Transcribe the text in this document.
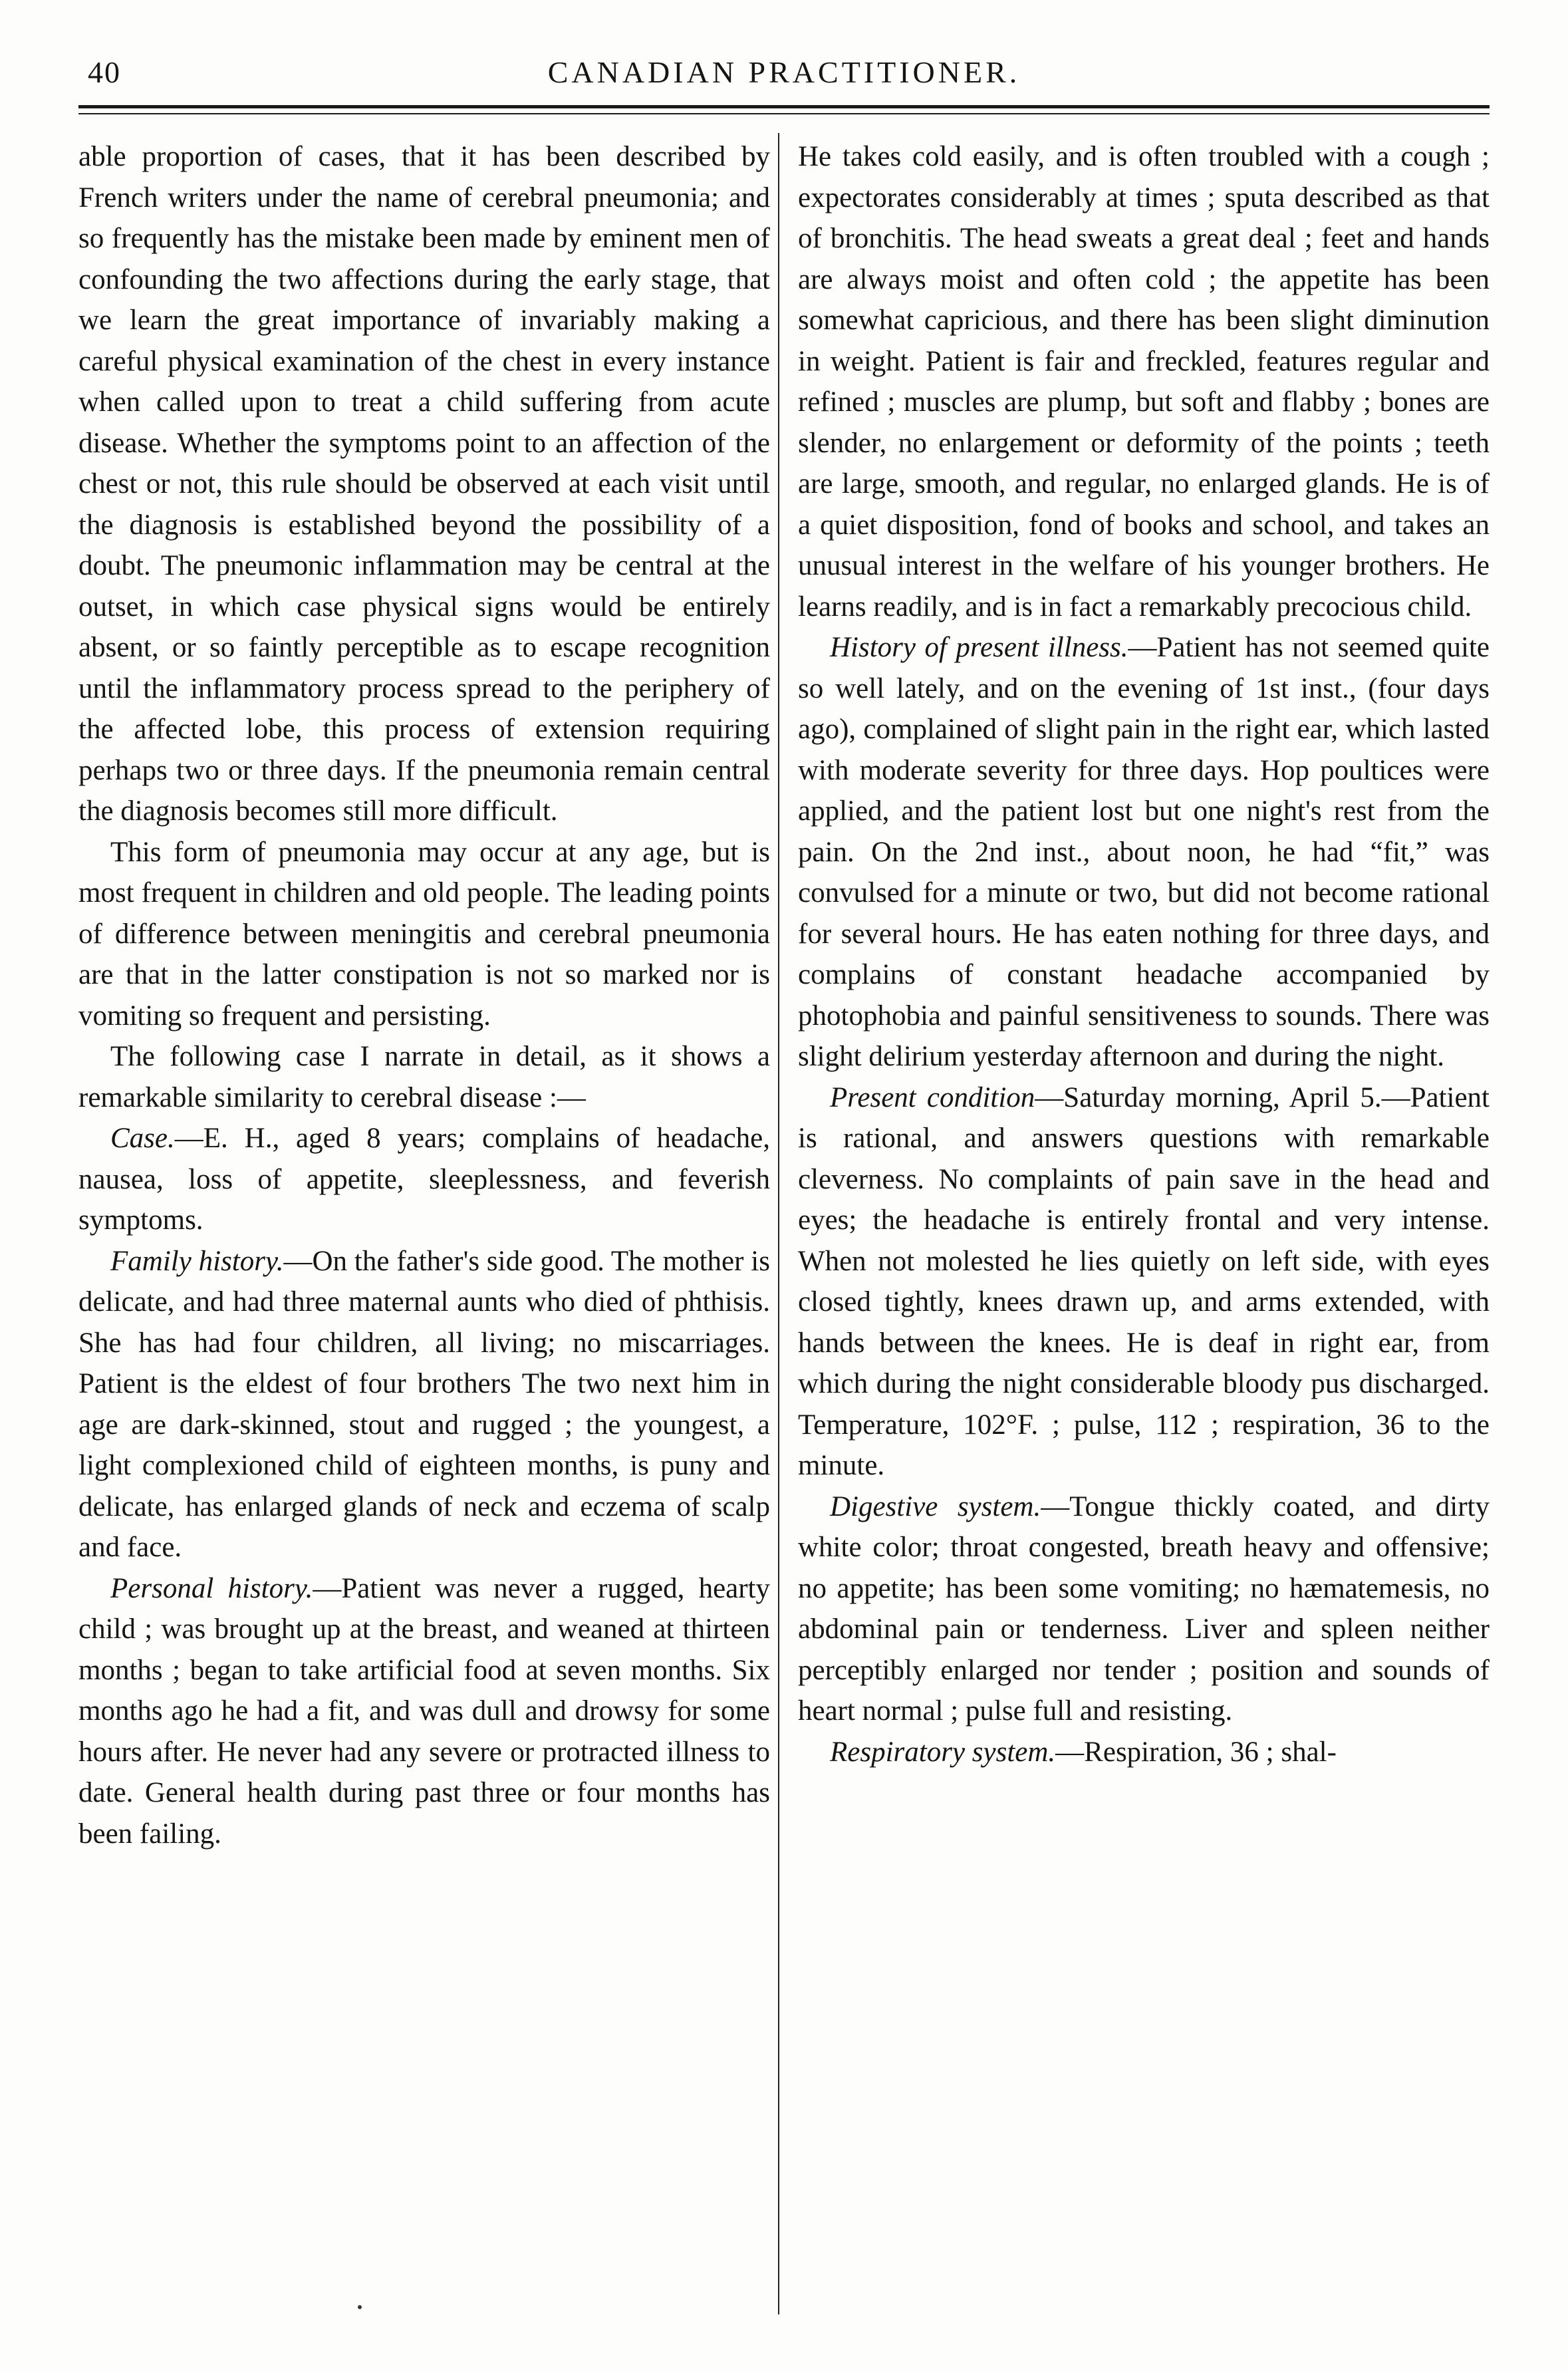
40	CANADIAN PRACTITIONER.

able proportion of cases, that it has been described by French writers under the name of cerebral pneumonia; and so frequently has the mistake been made by eminent men of confounding the two affections during the early stage, that we learn the great importance of invariably making a careful physical examination of the chest in every instance when called upon to treat a child suffering from acute disease. Whether the symptoms point to an affection of the chest or not, this rule should be observed at each visit until the diagnosis is established beyond the possibility of a doubt. The pneumonic inflammation may be central at the outset, in which case physical signs would be entirely absent, or so faintly perceptible as to escape recognition until the inflammatory process spread to the periphery of the affected lobe, this process of extension requiring perhaps two or three days. If the pneumonia remain central the diagnosis becomes still more difficult.

This form of pneumonia may occur at any age, but is most frequent in children and old people. The leading points of difference between meningitis and cerebral pneumonia are that in the latter constipation is not so marked nor is vomiting so frequent and persisting.

The following case I narrate in detail, as it shows a remarkable similarity to cerebral disease :—

Case.—E. H., aged 8 years; complains of headache, nausea, loss of appetite, sleeplessness, and feverish symptoms.

Family history.—On the father's side good. The mother is delicate, and had three maternal aunts who died of phthisis. She has had four children, all living; no miscarriages. Patient is the eldest of four brothers The two next him in age are dark-skinned, stout and rugged ; the youngest, a light complexioned child of eighteen months, is puny and delicate, has enlarged glands of neck and eczema of scalp and face.

Personal history.—Patient was never a rugged, hearty child ; was brought up at the breast, and weaned at thirteen months ; began to take artificial food at seven months. Six months ago he had a fit, and was dull and drowsy for some hours after. He never had any severe or protracted illness to date. General health during past three or four months has been failing.

He takes cold easily, and is often troubled with a cough ; expectorates considerably at times ; sputa described as that of bronchitis. The head sweats a great deal ; feet and hands are always moist and often cold ; the appetite has been somewhat capricious, and there has been slight diminution in weight. Patient is fair and freckled, features regular and refined ; muscles are plump, but soft and flabby ; bones are slender, no enlargement or deformity of the points ; teeth are large, smooth, and regular, no enlarged glands. He is of a quiet disposition, fond of books and school, and takes an unusual interest in the welfare of his younger brothers. He learns readily, and is in fact a remarkably precocious child.

History of present illness.—Patient has not seemed quite so well lately, and on the evening of 1st inst., (four days ago), complained of slight pain in the right ear, which lasted with moderate severity for three days. Hop poultices were applied, and the patient lost but one night's rest from the pain. On the 2nd inst., about noon, he had “fit,” was convulsed for a minute or two, but did not become rational for several hours. He has eaten nothing for three days, and complains of constant headache accompanied by photophobia and painful sensitiveness to sounds. There was slight delirium yesterday afternoon and during the night.

Present condition—Saturday morning, April 5.—Patient is rational, and answers questions with remarkable cleverness. No complaints of pain save in the head and eyes; the headache is entirely frontal and very intense. When not molested he lies quietly on left side, with eyes closed tightly, knees drawn up, and arms extended, with hands between the knees. He is deaf in right ear, from which during the night considerable bloody pus discharged. Temperature, 102°F. ; pulse, 112 ; respiration, 36 to the minute.

Digestive system.—Tongue thickly coated, and dirty white color; throat congested, breath heavy and offensive; no appetite; has been some vomiting; no hæmatemesis, no abdominal pain or tenderness. Liver and spleen neither perceptibly enlarged nor tender ; position and sounds of heart normal ; pulse full and resisting.

Respiratory system.—Respiration, 36 ; shal-
